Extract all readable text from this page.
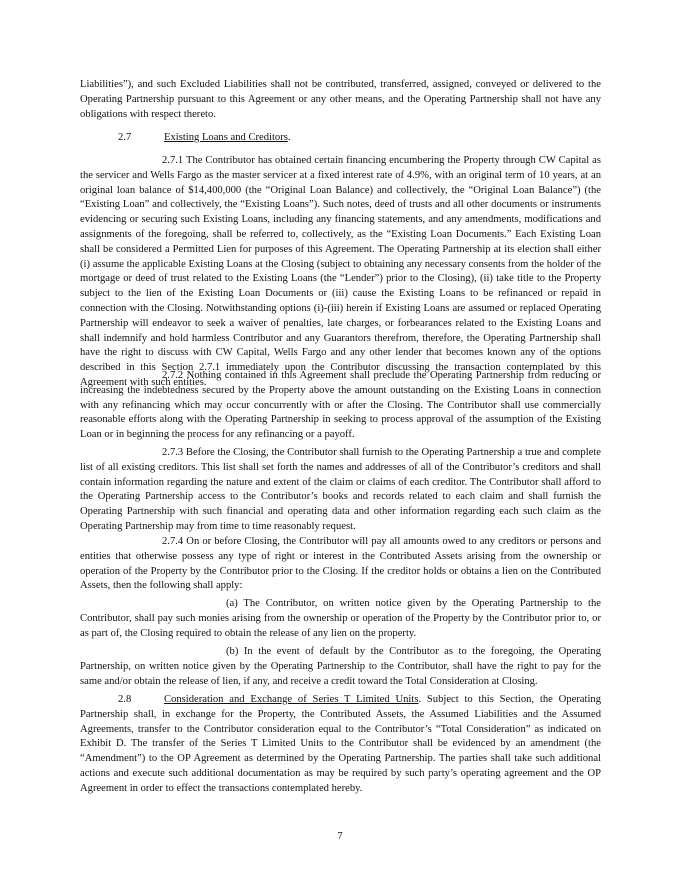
Liabilities”), and such Excluded Liabilities shall not be contributed, transferred, assigned, conveyed or delivered to the Operating Partnership pursuant to this Agreement or any other means, and the Operating Partnership shall not have any obligations with respect thereto.

2.7	Existing Loans and Creditors.

2.7.1 The Contributor has obtained certain financing encumbering the Property through CW Capital as the servicer and Wells Fargo as the master servicer at a fixed interest rate of 4.9%, with an original term of 10 years, at an original loan balance of $14,400,000 (the “Original Loan Balance) and collectively, the “Original Loan Balance”) (the “Existing Loan” and collectively, the “Existing Loans”). Such notes, deed of trusts and all other documents or instruments evidencing or securing such Existing Loans, including any financing statements, and any amendments, modifications and assignments of the foregoing, shall be referred to, collectively, as the “Existing Loan Documents.” Each Existing Loan shall be considered a Permitted Lien for purposes of this Agreement. The Operating Partnership at its election shall either (i) assume the applicable Existing Loans at the Closing (subject to obtaining any necessary consents from the holder of the mortgage or deed of trust related to the Existing Loans (the “Lender”) prior to the Closing), (ii) take title to the Property subject to the lien of the Existing Loan Documents or (iii) cause the Existing Loans to be refinanced or repaid in connection with the Closing. Notwithstanding options (i)-(iii) herein if Existing Loans are assumed or replaced Operating Partnership will endeavor to seek a waiver of penalties, late charges, or forbearances related to the Existing Loans and shall indemnify and hold harmless Contributor and any Guarantors therefrom, therefore, the Operating Partnership shall have the right to discuss with CW Capital, Wells Fargo and any other lender that becomes known any of the options described in this Section 2.7.1 immediately upon the Contributor discussing the transaction contemplated by this Agreement with such entities.

2.7.2 Nothing contained in this Agreement shall preclude the Operating Partnership from reducing or increasing the indebtedness secured by the Property above the amount outstanding on the Existing Loans in connection with any refinancing which may occur concurrently with or after the Closing. The Contributor shall use commercially reasonable efforts along with the Operating Partnership in seeking to process approval of the assumption of the Existing Loan or in beginning the process for any refinancing or a payoff.

2.7.3 Before the Closing, the Contributor shall furnish to the Operating Partnership a true and complete list of all existing creditors. This list shall set forth the names and addresses of all of the Contributor’s creditors and shall contain information regarding the nature and extent of the claim or claims of each creditor. The Contributor shall afford to the Operating Partnership access to the Contributor’s books and records related to each claim and shall furnish the Operating Partnership with such financial and operating data and other information regarding each such claim as the Operating Partnership may from time to time reasonably request.

2.7.4 On or before Closing, the Contributor will pay all amounts owed to any creditors or persons and entities that otherwise possess any type of right or interest in the Contributed Assets arising from the ownership or operation of the Property by the Contributor prior to the Closing. If the creditor holds or obtains a lien on the Contributed Assets, then the following shall apply:

(a) The Contributor, on written notice given by the Operating Partnership to the Contributor, shall pay such monies arising from the ownership or operation of the Property by the Contributor prior to, or as part of, the Closing required to obtain the release of any lien on the property.

(b) In the event of default by the Contributor as to the foregoing, the Operating Partnership, on written notice given by the Operating Partnership to the Contributor, shall have the right to pay for the same and/or obtain the release of lien, if any, and receive a credit toward the Total Consideration at Closing.

2.8	Consideration and Exchange of Series T Limited Units. Subject to this Section, the Operating Partnership shall, in exchange for the Property, the Contributed Assets, the Assumed Liabilities and the Assumed Agreements, transfer to the Contributor consideration equal to the Contributor’s “Total Consideration” as indicated on Exhibit D. The transfer of the Series T Limited Units to the Contributor shall be evidenced by an amendment (the “Amendment”) to the OP Agreement as determined by the Operating Partnership. The parties shall take such additional actions and execute such additional documentation as may be required by such party’s operating agreement and the OP Agreement in order to effect the transactions contemplated hereby.

7
